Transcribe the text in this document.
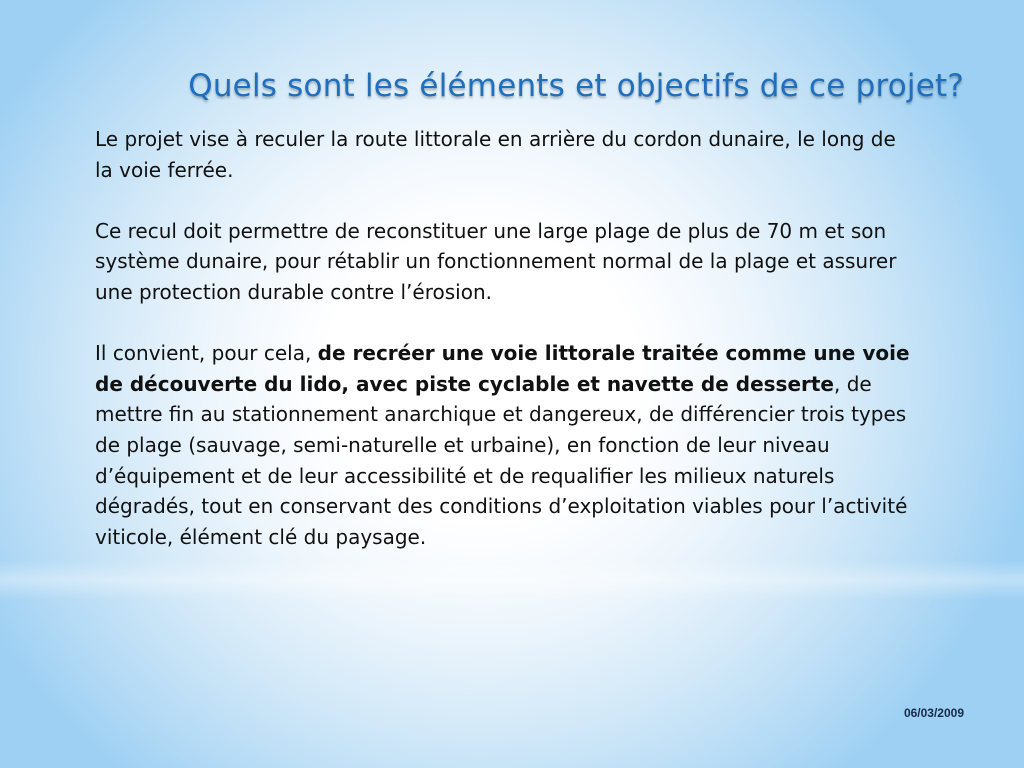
Quels sont les éléments et objectifs de ce projet?

Le projet vise à reculer la route littorale en arrière du cordon dunaire, le long de la voie ferrée.

Ce recul doit permettre de reconstituer une large plage de plus de 70 m et son système dunaire, pour rétablir un fonctionnement normal de la plage et assurer une protection durable contre l’érosion.

Il convient, pour cela, de recréer une voie littorale traitée comme une voie de découverte du lido, avec piste cyclable et navette de desserte, de mettre fin au stationnement anarchique et dangereux, de différencier trois types de plage (sauvage, semi-naturelle et urbaine), en fonction de leur niveau d’équipement et de leur accessibilité et de requalifier les milieux naturels dégradés, tout en conservant des conditions d’exploitation viables pour l’activité viticole, élément clé du paysage.

06/03/2009
